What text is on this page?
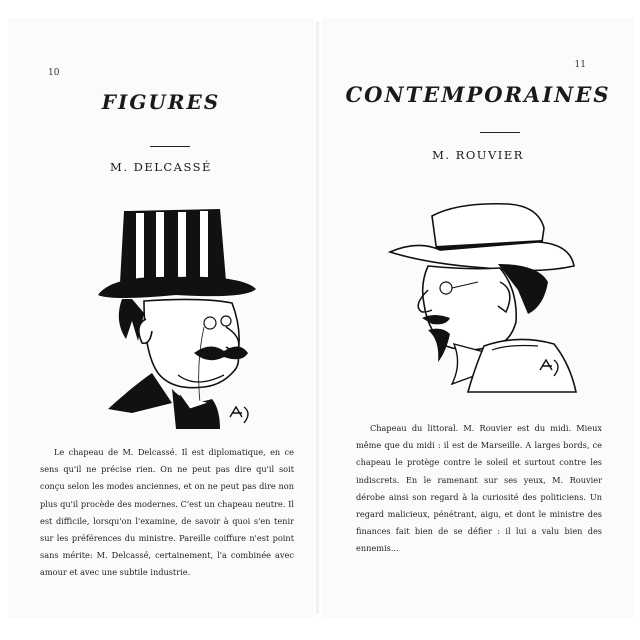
10
FIGURES
M. DELCASSÉ
Le chapeau de M. Delcassé. Il est diplomatique, en ce sens qu'il ne précise rien. On ne peut pas dire qu'il soit conçu selon les modes anciennes, et on ne peut pas dire non plus qu'il procède des modernes. C'est un chapeau neutre. Il est difficile, lorsqu'on l'examine, de savoir à quoi s'en tenir sur les préférences du ministre. Pareille coiffure n'est point sans mérite: M. Delcassé, certainement, l'a combinée avec amour et avec une subtile industrie.
11
CONTEMPORAINES
M. ROUVIER
Chapeau du littoral. M. Rouvier est du midi. Mieux même que du midi : il est de Marseille. A larges bords, ce chapeau le protège contre le soleil et surtout contre les indiscrets. En le ramenant sur ses yeux, M. Rouvier dérobe ainsi son regard à la curiosité des politiciens. Un regard malicieux, pénétrant, aigu, et dont le ministre des finances fait bien de se défier : il lui a valu bien des ennemis...
